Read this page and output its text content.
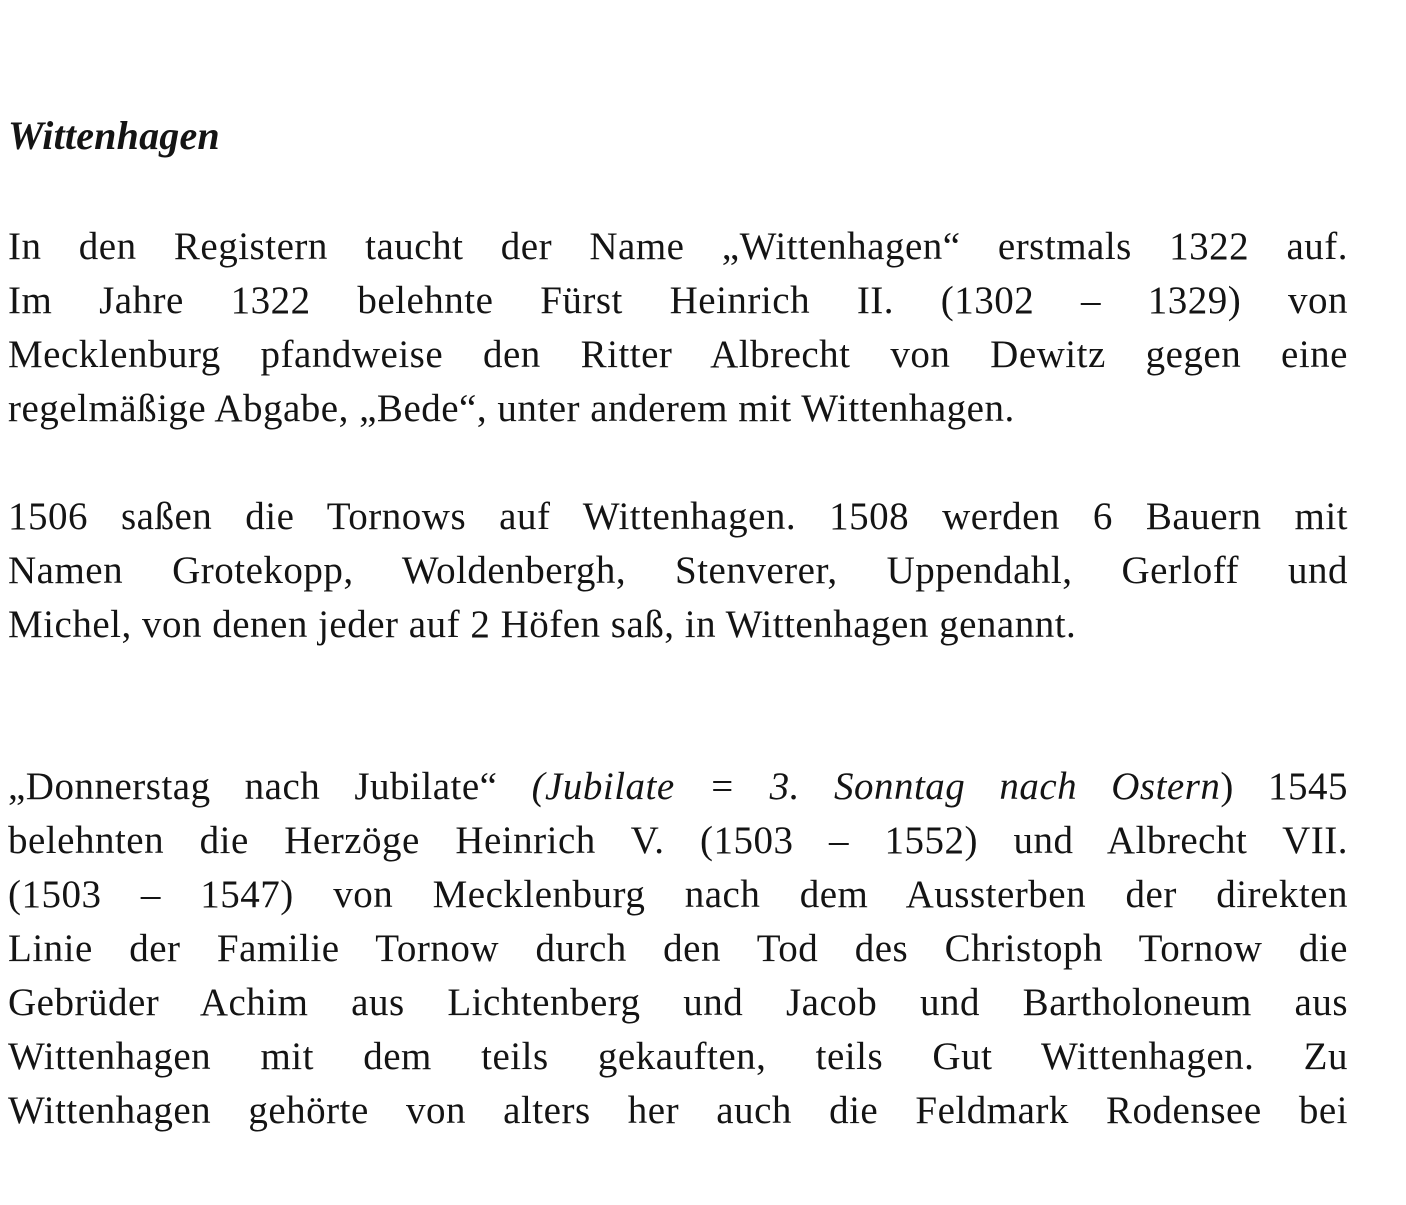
Wittenhagen

In den Registern taucht der Name „Wittenhagen“ erstmals 1322 auf.
Im Jahre 1322 belehnte Fürst Heinrich II. (1302 – 1329) von
Mecklenburg pfandweise den Ritter Albrecht von Dewitz gegen eine
regelmäßige Abgabe, „Bede“, unter anderem mit Wittenhagen.

1506 saßen die Tornows auf Wittenhagen. 1508 werden 6 Bauern mit
Namen Grotekopp, Woldenbergh, Stenverer, Uppendahl, Gerloff und
Michel, von denen jeder auf 2 Höfen saß, in Wittenhagen genannt.

„Donnerstag nach Jubilate“ (Jubilate = 3. Sonntag nach Ostern) 1545
belehnten die Herzöge Heinrich V. (1503 – 1552) und Albrecht VII.
(1503 – 1547) von Mecklenburg nach dem Aussterben der direkten
Linie der Familie Tornow durch den Tod des Christoph Tornow die
Gebrüder Achim aus Lichtenberg und Jacob und Bartholoneum aus
Wittenhagen mit dem teils gekauften, teils Gut Wittenhagen. Zu
Wittenhagen gehörte von alters her auch die Feldmark Rodensee bei
